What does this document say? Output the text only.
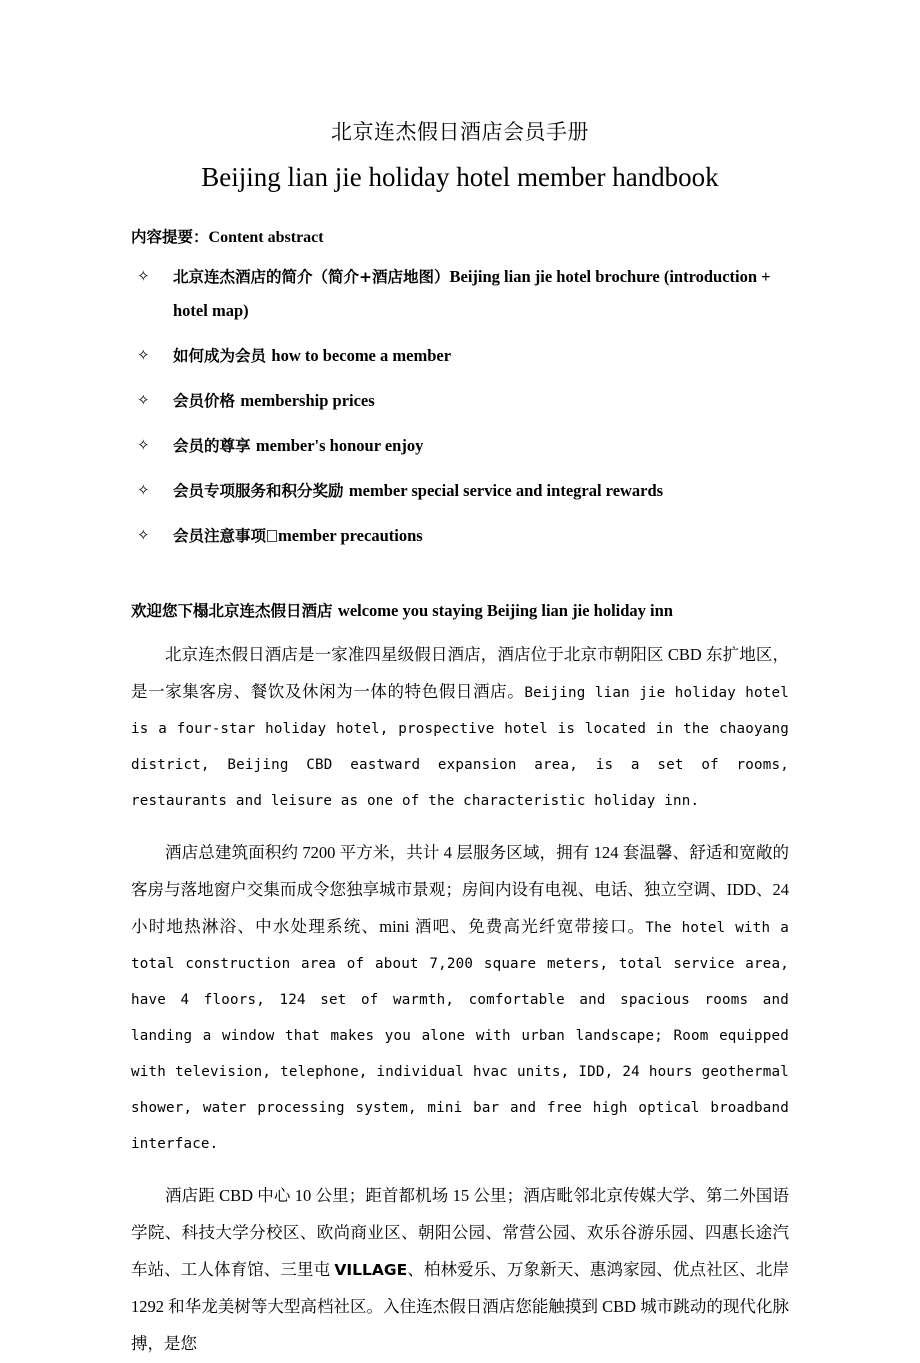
北京连杰假日酒店会员手册
Beijing lian jie holiday hotel member handbook

内容提要：Content abstract

✧ 北京连杰酒店的简介（简介+酒店地图）Beijing lian jie hotel brochure (introduction + hotel map)
✧ 如何成为会员 how to become a member
✧ 会员价格 membership prices
✧ 会员的尊享 member's honour enjoy
✧ 会员专项服务和积分奖励 member special service and integral rewards
✧ 会员注意事项 member precautions

欢迎您下榻北京连杰假日酒店 welcome you staying Beijing lian jie holiday inn

北京连杰假日酒店是一家准四星级假日酒店，酒店位于北京市朝阳区 CBD 东扩地区，是一家集客房、餐饮及休闲为一体的特色假日酒店。Beijing lian jie holiday hotel is a four-star holiday hotel, prospective hotel is located in the chaoyang district, Beijing CBD eastward expansion area, is a set of rooms, restaurants and leisure as one of the characteristic holiday inn.

酒店总建筑面积约 7200 平方米，共计 4 层服务区域，拥有 124 套温馨、舒适和宽敞的客房与落地窗户交集而成令您独享城市景观；房间内设有电视、电话、独立空调、IDD、24 小时地热淋浴、中水处理系统、mini 酒吧、免费高光纤宽带接口。The hotel with a total construction area of about 7,200 square meters, total service area, have 4 floors, 124 set of warmth, comfortable and spacious rooms and landing a window that makes you alone with urban landscape; Room equipped with television, telephone, individual hvac units, IDD, 24 hours geothermal shower, water processing system, mini bar and free high optical broadband interface.

酒店距 CBD 中心 10 公里；距首都机场 15 公里；酒店毗邻北京传媒大学、第二外国语学院、科技大学分校区、欧尚商业区、朝阳公园、常营公园、欢乐谷游乐园、四惠长途汽车站、工人体育馆、三里屯 VILLAGE、柏林爱乐、万象新天、惠鸿家园、优点社区、北岸 1292 和华龙美树等大型高档社区。入住连杰假日酒店您能触摸到 CBD 城市跳动的现代化脉搏，是您
